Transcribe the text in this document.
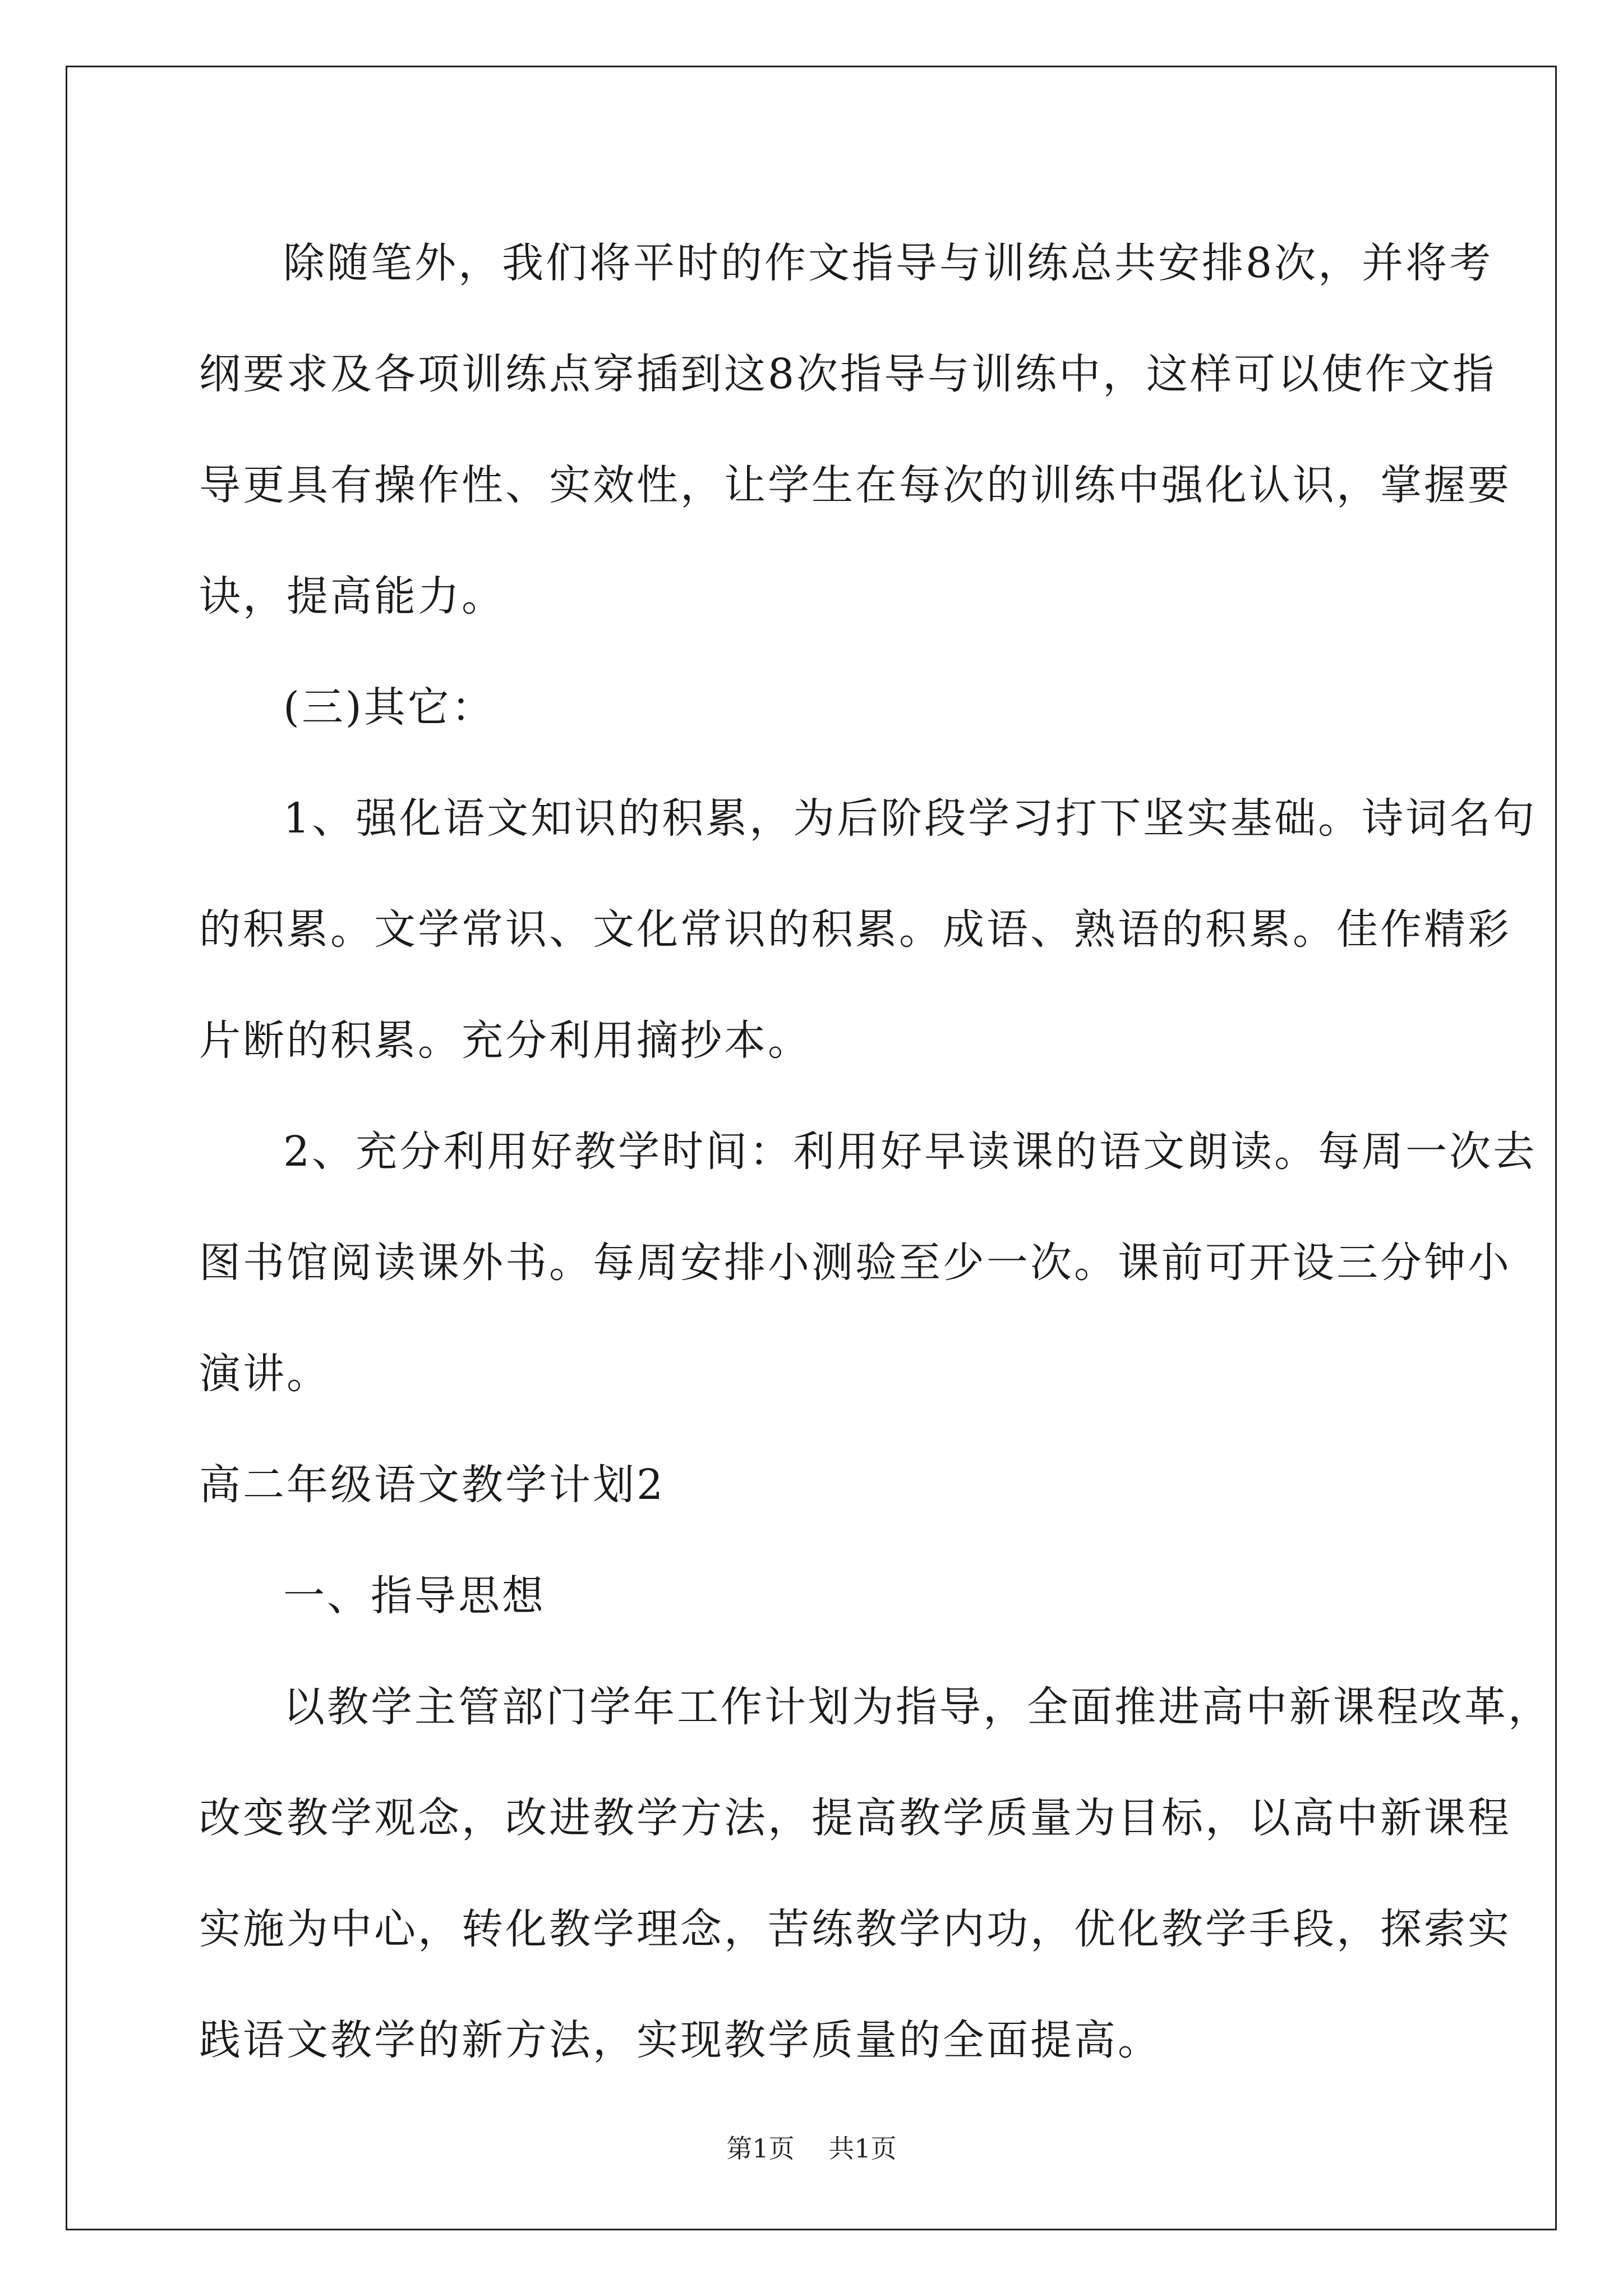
除随笔外，我们将平时的作文指导与训练总共安排8次，并将考
纲要求及各项训练点穿插到这8次指导与训练中，这样可以使作文指
导更具有操作性、实效性，让学生在每次的训练中强化认识，掌握要
诀，提高能力。
(三)其它：
1、强化语文知识的积累，为后阶段学习打下坚实基础。诗词名句
的积累。文学常识、文化常识的积累。成语、熟语的积累。佳作精彩
片断的积累。充分利用摘抄本。
2、充分利用好教学时间：利用好早读课的语文朗读。每周一次去
图书馆阅读课外书。每周安排小测验至少一次。课前可开设三分钟小
演讲。
高二年级语文教学计划2
一、指导思想
以教学主管部门学年工作计划为指导，全面推进高中新课程改革，
改变教学观念，改进教学方法，提高教学质量为目标，以高中新课程
实施为中心，转化教学理念，苦练教学内功，优化教学手段，探索实
践语文教学的新方法，实现教学质量的全面提高。
第1页 共1页
